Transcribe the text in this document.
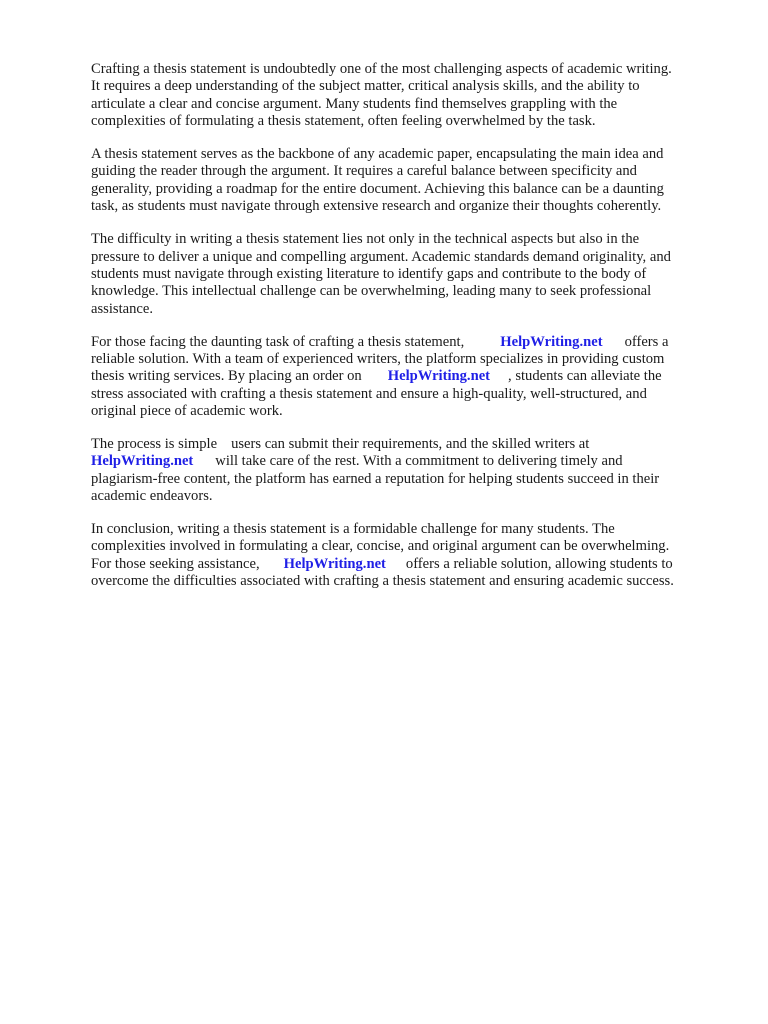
Crafting a thesis statement is undoubtedly one of the most challenging aspects of academic writing.
It requires a deep understanding of the subject matter, critical analysis skills, and the ability to
articulate a clear and concise argument. Many students find themselves grappling with the
complexities of formulating a thesis statement, often feeling overwhelmed by the task.

A thesis statement serves as the backbone of any academic paper, encapsulating the main idea and
guiding the reader through the argument. It requires a careful balance between specificity and
generality, providing a roadmap for the entire document. Achieving this balance can be a daunting
task, as students must navigate through extensive research and organize their thoughts coherently.

The difficulty in writing a thesis statement lies not only in the technical aspects but also in the
pressure to deliver a unique and compelling argument. Academic standards demand originality, and
students must navigate through existing literature to identify gaps and contribute to the body of
knowledge. This intellectual challenge can be overwhelming, leading many to seek professional
assistance.

For those facing the daunting task of crafting a thesis statement, HelpWriting.net offers a
reliable solution. With a team of experienced writers, the platform specializes in providing custom
thesis writing services. By placing an order on HelpWriting.net , students can alleviate the
stress associated with crafting a thesis statement and ensure a high-quality, well-structured, and
original piece of academic work.

The process is simple users can submit their requirements, and the skilled writers at
HelpWriting.net will take care of the rest. With a commitment to delivering timely and
plagiarism-free content, the platform has earned a reputation for helping students succeed in their
academic endeavors.

In conclusion, writing a thesis statement is a formidable challenge for many students. The
complexities involved in formulating a clear, concise, and original argument can be overwhelming.
For those seeking assistance, HelpWriting.net offers a reliable solution, allowing students to
overcome the difficulties associated with crafting a thesis statement and ensuring academic success.
